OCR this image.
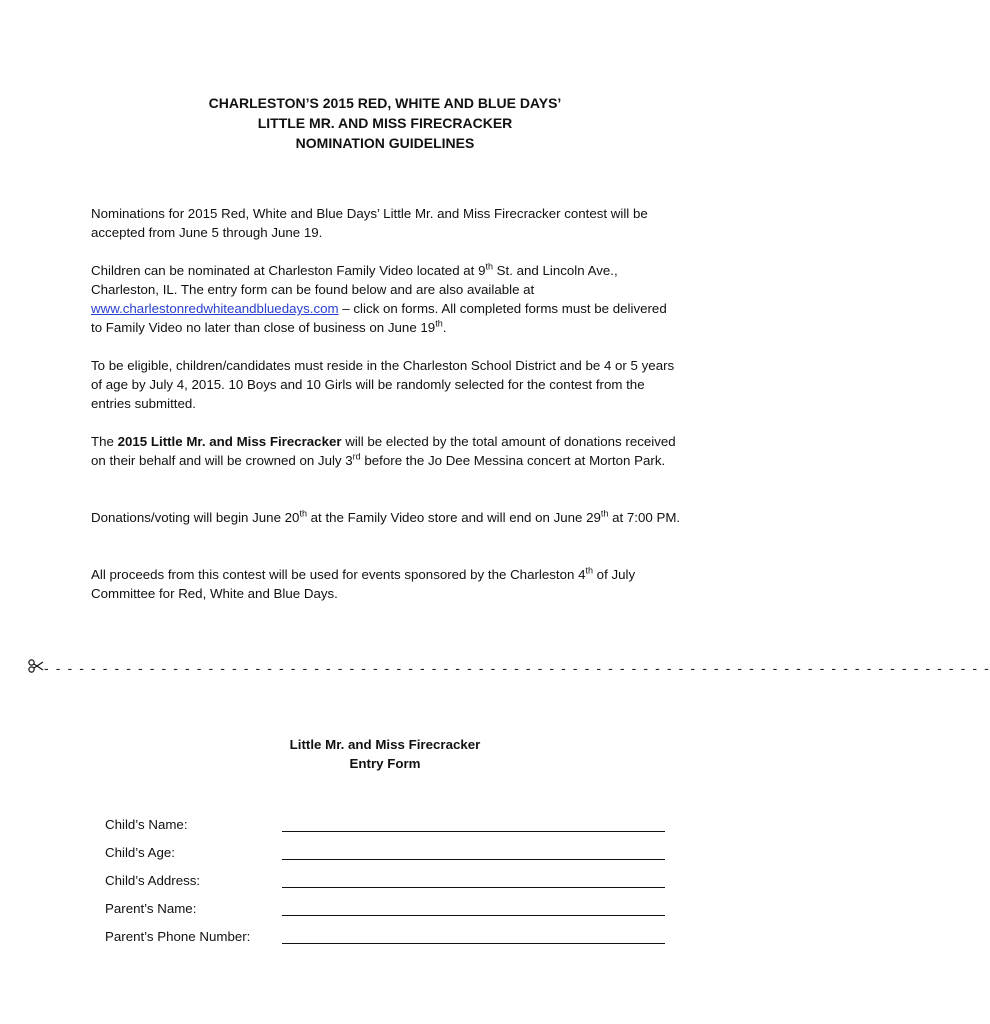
CHARLESTON’S 2015 RED, WHITE AND BLUE DAYS’
LITTLE MR. AND MISS FIRECRACKER
NOMINATION GUIDELINES

Nominations for 2015 Red, White and Blue Days’ Little Mr. and Miss Firecracker contest will be accepted from June 5 through June 19.

Children can be nominated at Charleston Family Video located at 9th St. and Lincoln Ave., Charleston, IL. The entry form can be found below and are also available at www.charlestonredwhiteandbluedays.com – click on forms. All completed forms must be delivered to Family Video no later than close of business on June 19th.

To be eligible, children/candidates must reside in the Charleston School District and be 4 or 5 years of age by July 4, 2015. 10 Boys and 10 Girls will be randomly selected for the contest from the entries submitted.

The 2015 Little Mr. and Miss Firecracker will be elected by the total amount of donations received on their behalf and will be crowned on July 3rd before the Jo Dee Messina concert at Morton Park.

Donations/voting will begin June 20th at the Family Video store and will end on June 29th at 7:00 PM.

All proceeds from this contest will be used for events sponsored by the Charleston 4th of July Committee for Red, White and Blue Days.

- - - - - - - - - - - - - - - - - - - - - - - - - - - - - - - - - - - - - - - - - - - - - - - - - - - - - - - - - - - - - - - - - - - - - - - - - - - - - - - - -
Little Mr. and Miss Firecracker
Entry Form
Child’s Name:
Child’s Age:
Child’s Address:
Parent’s Name:
Parent’s Phone Number:
